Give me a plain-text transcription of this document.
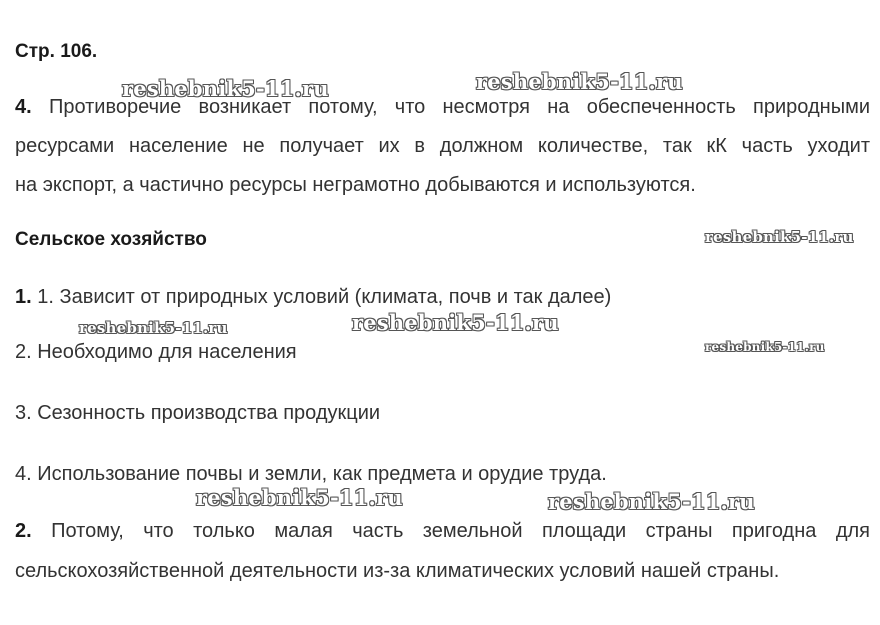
Стр. 106.
4. Противоречие возникает потому, что несмотря на обеспеченность природными
ресурсами население не получает их в должном количестве, так кК часть уходит
на экспорт, а частично ресурсы неграмотно добываются и используются.
Сельское хозяйство
1. 1. Зависит от природных условий (климата, почв и так далее)
2. Необходимо для населения
3. Сезонность производства продукции
4. Использование почвы и земли, как предмета и орудие труда.
2. Потому, что только малая часть земельной площади страны пригодна для
сельскохозяйственной деятельности из-за климатических условий нашей страны.
reshebnik5-11.ru	reshebnik5-11.ru
reshebnik5-11.ru
reshebnik5-11.ru	reshebnik5-11.ru
reshebnik5-11.ru
reshebnik5-11.ru	reshebnik5-11.ru
